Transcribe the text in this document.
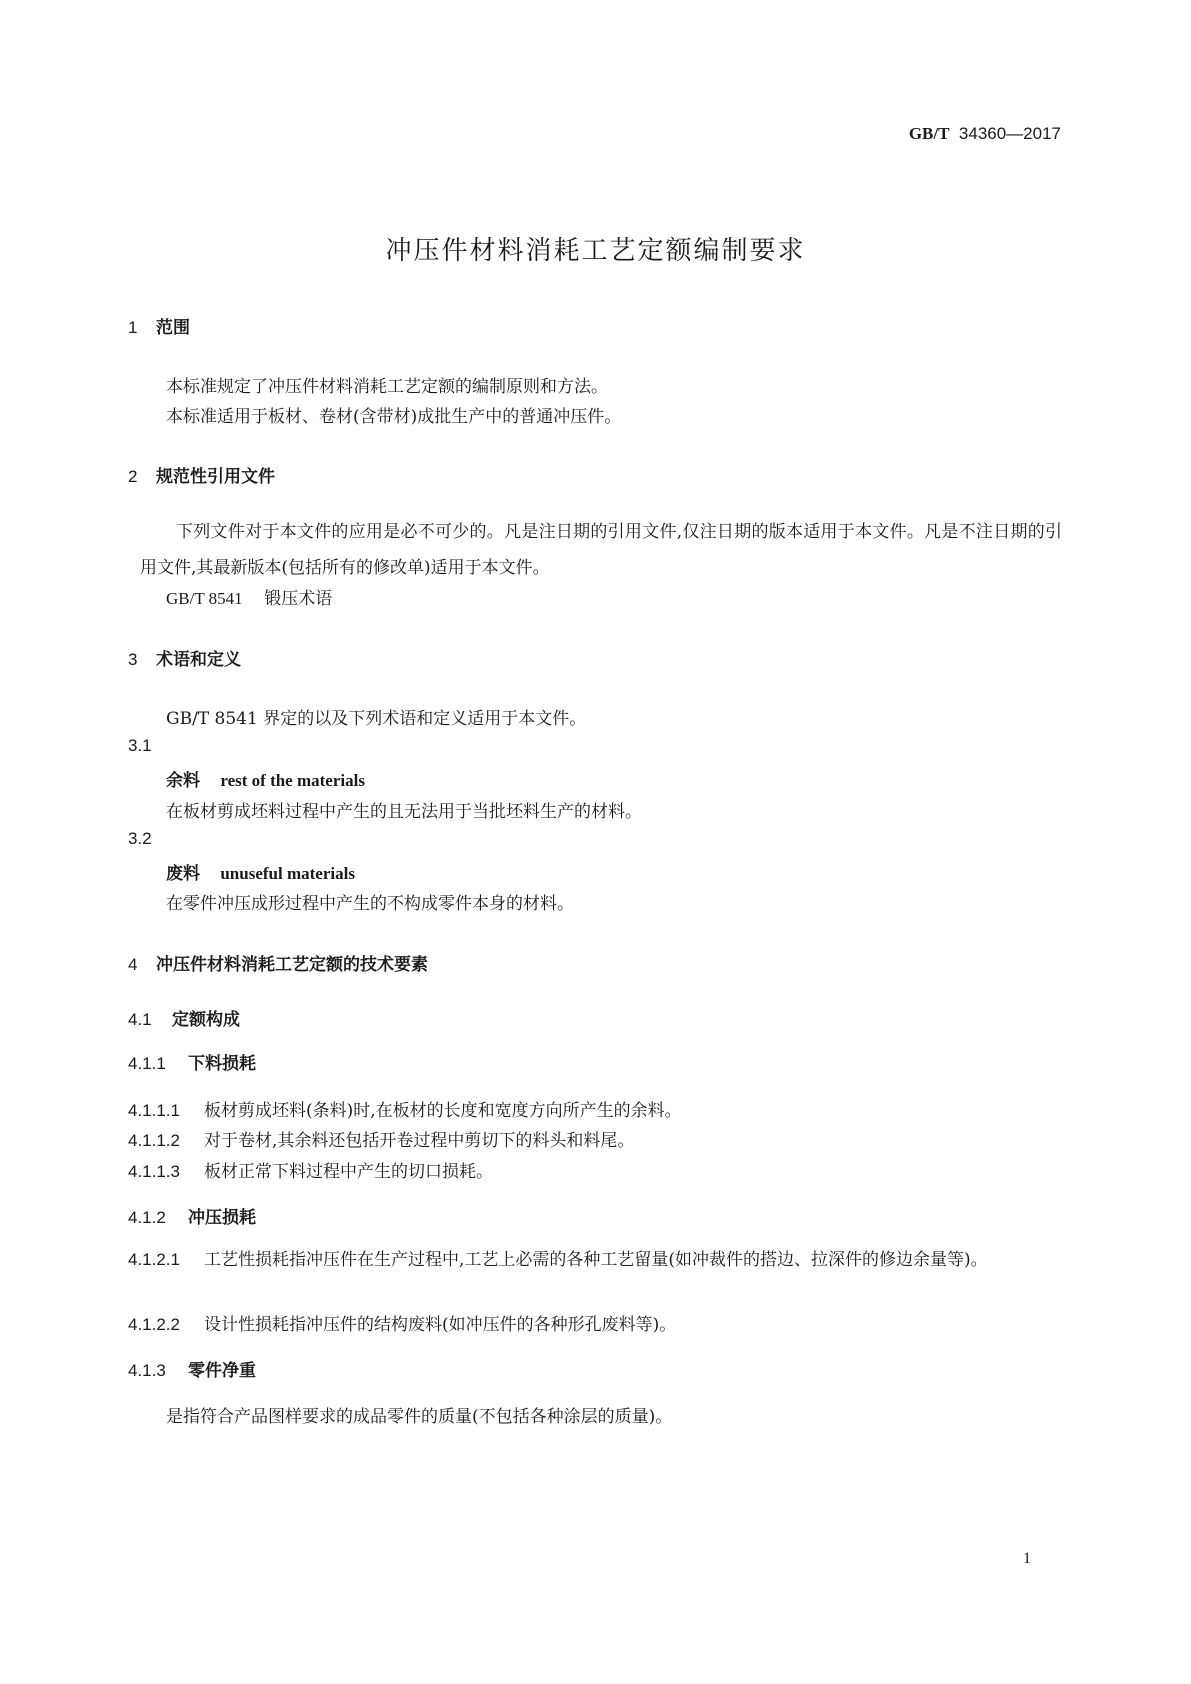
GB/T 34360—2017
冲压件材料消耗工艺定额编制要求
1 范围
本标准规定了冲压件材料消耗工艺定额的编制原则和方法。
本标准适用于板材、卷材(含带材)成批生产中的普通冲压件。
2 规范性引用文件
下列文件对于本文件的应用是必不可少的。凡是注日期的引用文件,仅注日期的版本适用于本文件。凡是不注日期的引用文件,其最新版本(包括所有的修改单)适用于本文件。
GB/T 8541 锻压术语
3 术语和定义
GB/T 8541 界定的以及下列术语和定义适用于本文件。
3.1
余料 rest of the materials
在板材剪成坯料过程中产生的且无法用于当批坯料生产的材料。
3.2
废料 unuseful materials
在零件冲压成形过程中产生的不构成零件本身的材料。
4 冲压件材料消耗工艺定额的技术要素
4.1 定额构成
4.1.1 下料损耗
4.1.1.1 板材剪成坯料(条料)时,在板材的长度和宽度方向所产生的余料。
4.1.1.2 对于卷材,其余料还包括开卷过程中剪切下的料头和料尾。
4.1.1.3 板材正常下料过程中产生的切口损耗。
4.1.2 冲压损耗
4.1.2.1 工艺性损耗指冲压件在生产过程中,工艺上必需的各种工艺留量(如冲裁件的搭边、拉深件的修边余量等)。
4.1.2.2 设计性损耗指冲压件的结构废料(如冲压件的各种形孔废料等)。
4.1.3 零件净重
是指符合产品图样要求的成品零件的质量(不包括各种涂层的质量)。
1
